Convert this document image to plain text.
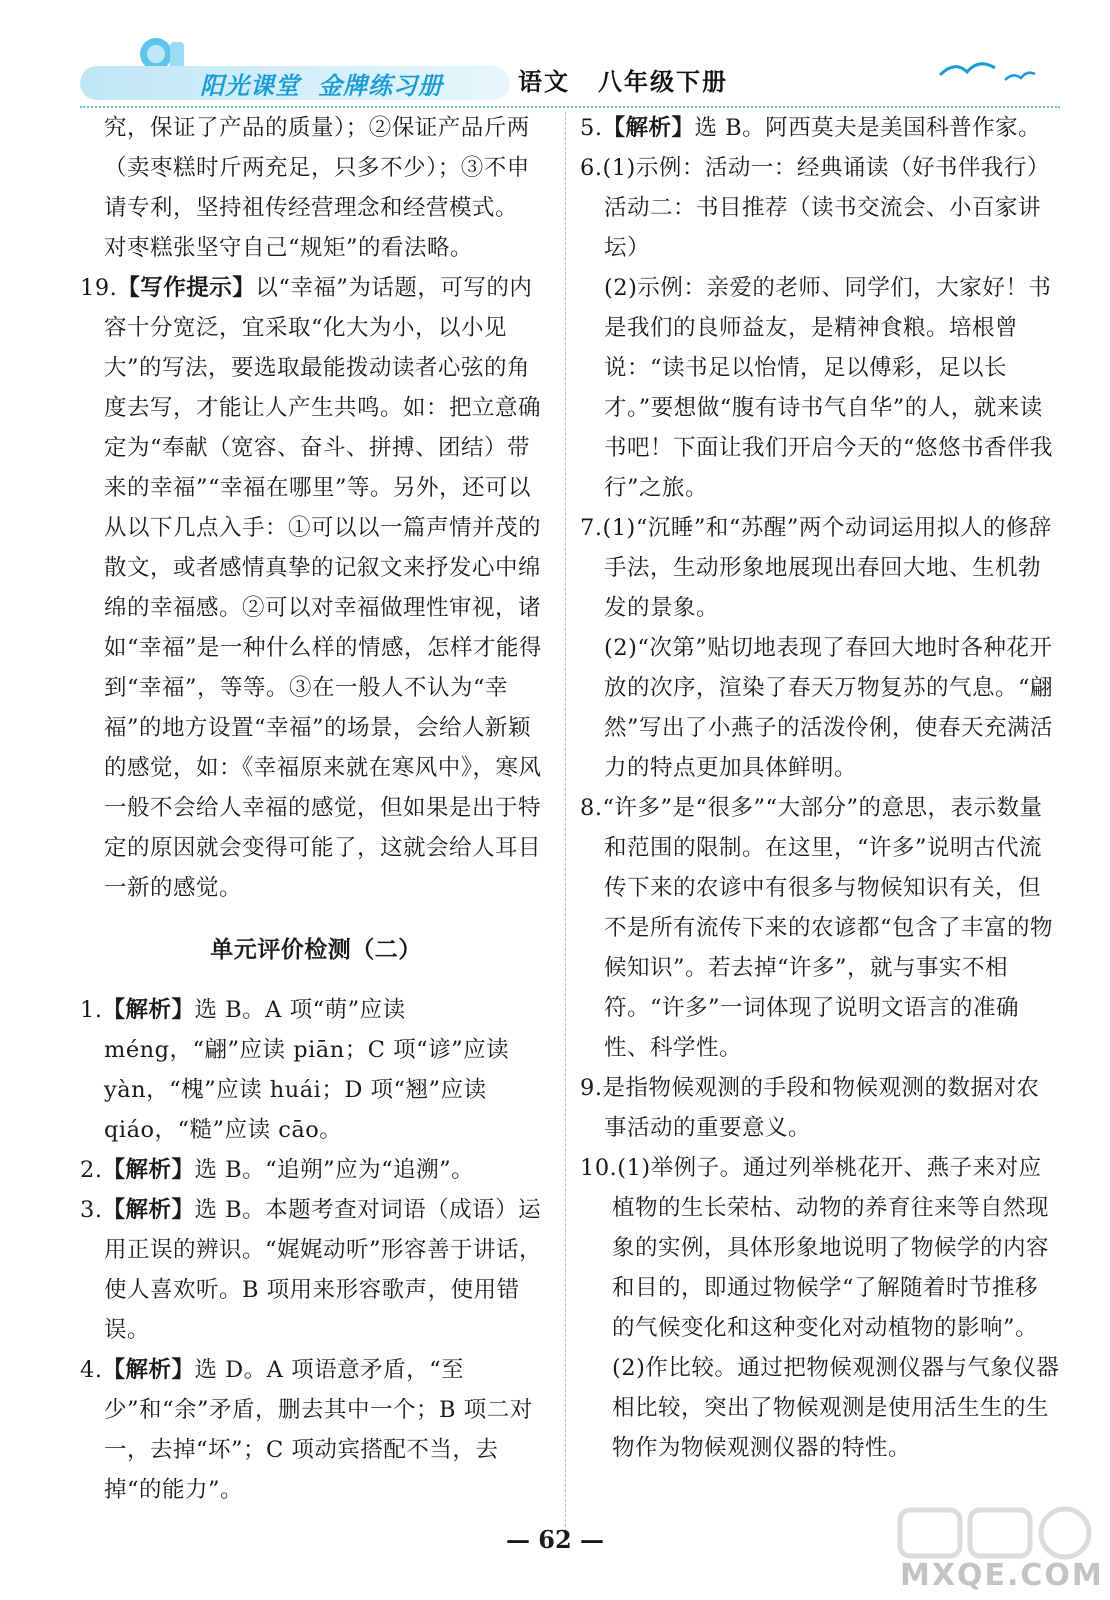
阳光课堂 金牌练习册	语文 八年级下册
究，保证了产品的质量）；②保证产品斤两（卖枣糕时斤两充足，只多不少）；③不申请专利，坚持祖传经营理念和经营模式。
对枣糕张坚守自己“规矩”的看法略。
19.【写作提示】以“幸福”为话题，可写的内容十分宽泛，宜采取“化大为小，以小见大”的写法，要选取最能拨动读者心弦的角度去写，才能让人产生共鸣。如：把立意确定为“奉献（宽容、奋斗、拼搏、团结）带来的幸福”“幸福在哪里”等。另外，还可以从以下几点入手：①可以以一篇声情并茂的散文，或者感情真挚的记叙文来抒发心中绵绵的幸福感。②可以对幸福做理性审视，诸如“幸福”是一种什么样的情感，怎样才能得到“幸福”，等等。③在一般人不认为“幸福”的地方设置“幸福”的场景，会给人新颖的感觉，如：《幸福原来就在寒风中》，寒风一般不会给人幸福的感觉，但如果是出于特定的原因就会变得可能了，这就会给人耳目一新的感觉。
单元评价检测（二）
1.【解析】选 B。A 项“萌”应读 méng，“翩”应读 piān；C 项“谚”应读 yàn，“槐”应读 huái；D 项“翘”应读 qiáo，“糙”应读 cāo。
2.【解析】选 B。“追朔”应为“追溯”。
3.【解析】选 B。本题考查对词语（成语）运用正误的辨识。“娓娓动听”形容善于讲话，使人喜欢听。B 项用来形容歌声，使用错误。
4.【解析】选 D。A 项语意矛盾，“至少”和“余”矛盾，删去其中一个；B 项二对一，去掉“坏”；C 项动宾搭配不当，去掉“的能力”。
5.【解析】选 B。阿西莫夫是美国科普作家。
6.(1)示例：活动一：经典诵读（好书伴我行）
活动二：书目推荐（读书交流会、小百家讲坛）
(2)示例：亲爱的老师、同学们，大家好！书是我们的良师益友，是精神食粮。培根曾说：“读书足以怡情，足以傅彩，足以长才。”要想做“腹有诗书气自华”的人，就来读书吧！下面让我们开启今天的“悠悠书香伴我行”之旅。
7.(1)“沉睡”和“苏醒”两个动词运用拟人的修辞手法，生动形象地展现出春回大地、生机勃发的景象。
(2)“次第”贴切地表现了春回大地时各种花开放的次序，渲染了春天万物复苏的气息。“翩然”写出了小燕子的活泼伶俐，使春天充满活力的特点更加具体鲜明。
8.“许多”是“很多”“大部分”的意思，表示数量和范围的限制。在这里，“许多”说明古代流传下来的农谚中有很多与物候知识有关，但不是所有流传下来的农谚都“包含了丰富的物候知识”。若去掉“许多”，就与事实不相符。“许多”一词体现了说明文语言的准确性、科学性。
9.是指物候观测的手段和物候观测的数据对农事活动的重要意义。
10.(1)举例子。通过列举桃花开、燕子来对应植物的生长荣枯、动物的养育往来等自然现象的实例，具体形象地说明了物候学的内容和目的，即通过物候学“了解随着时节推移的气候变化和这种变化对动植物的影响”。(2)作比较。通过把物候观测仪器与气象仪器相比较，突出了物候观测是使用活生生的生物作为物候观测仪器的特性。
— 62 —
MXQE.COM
